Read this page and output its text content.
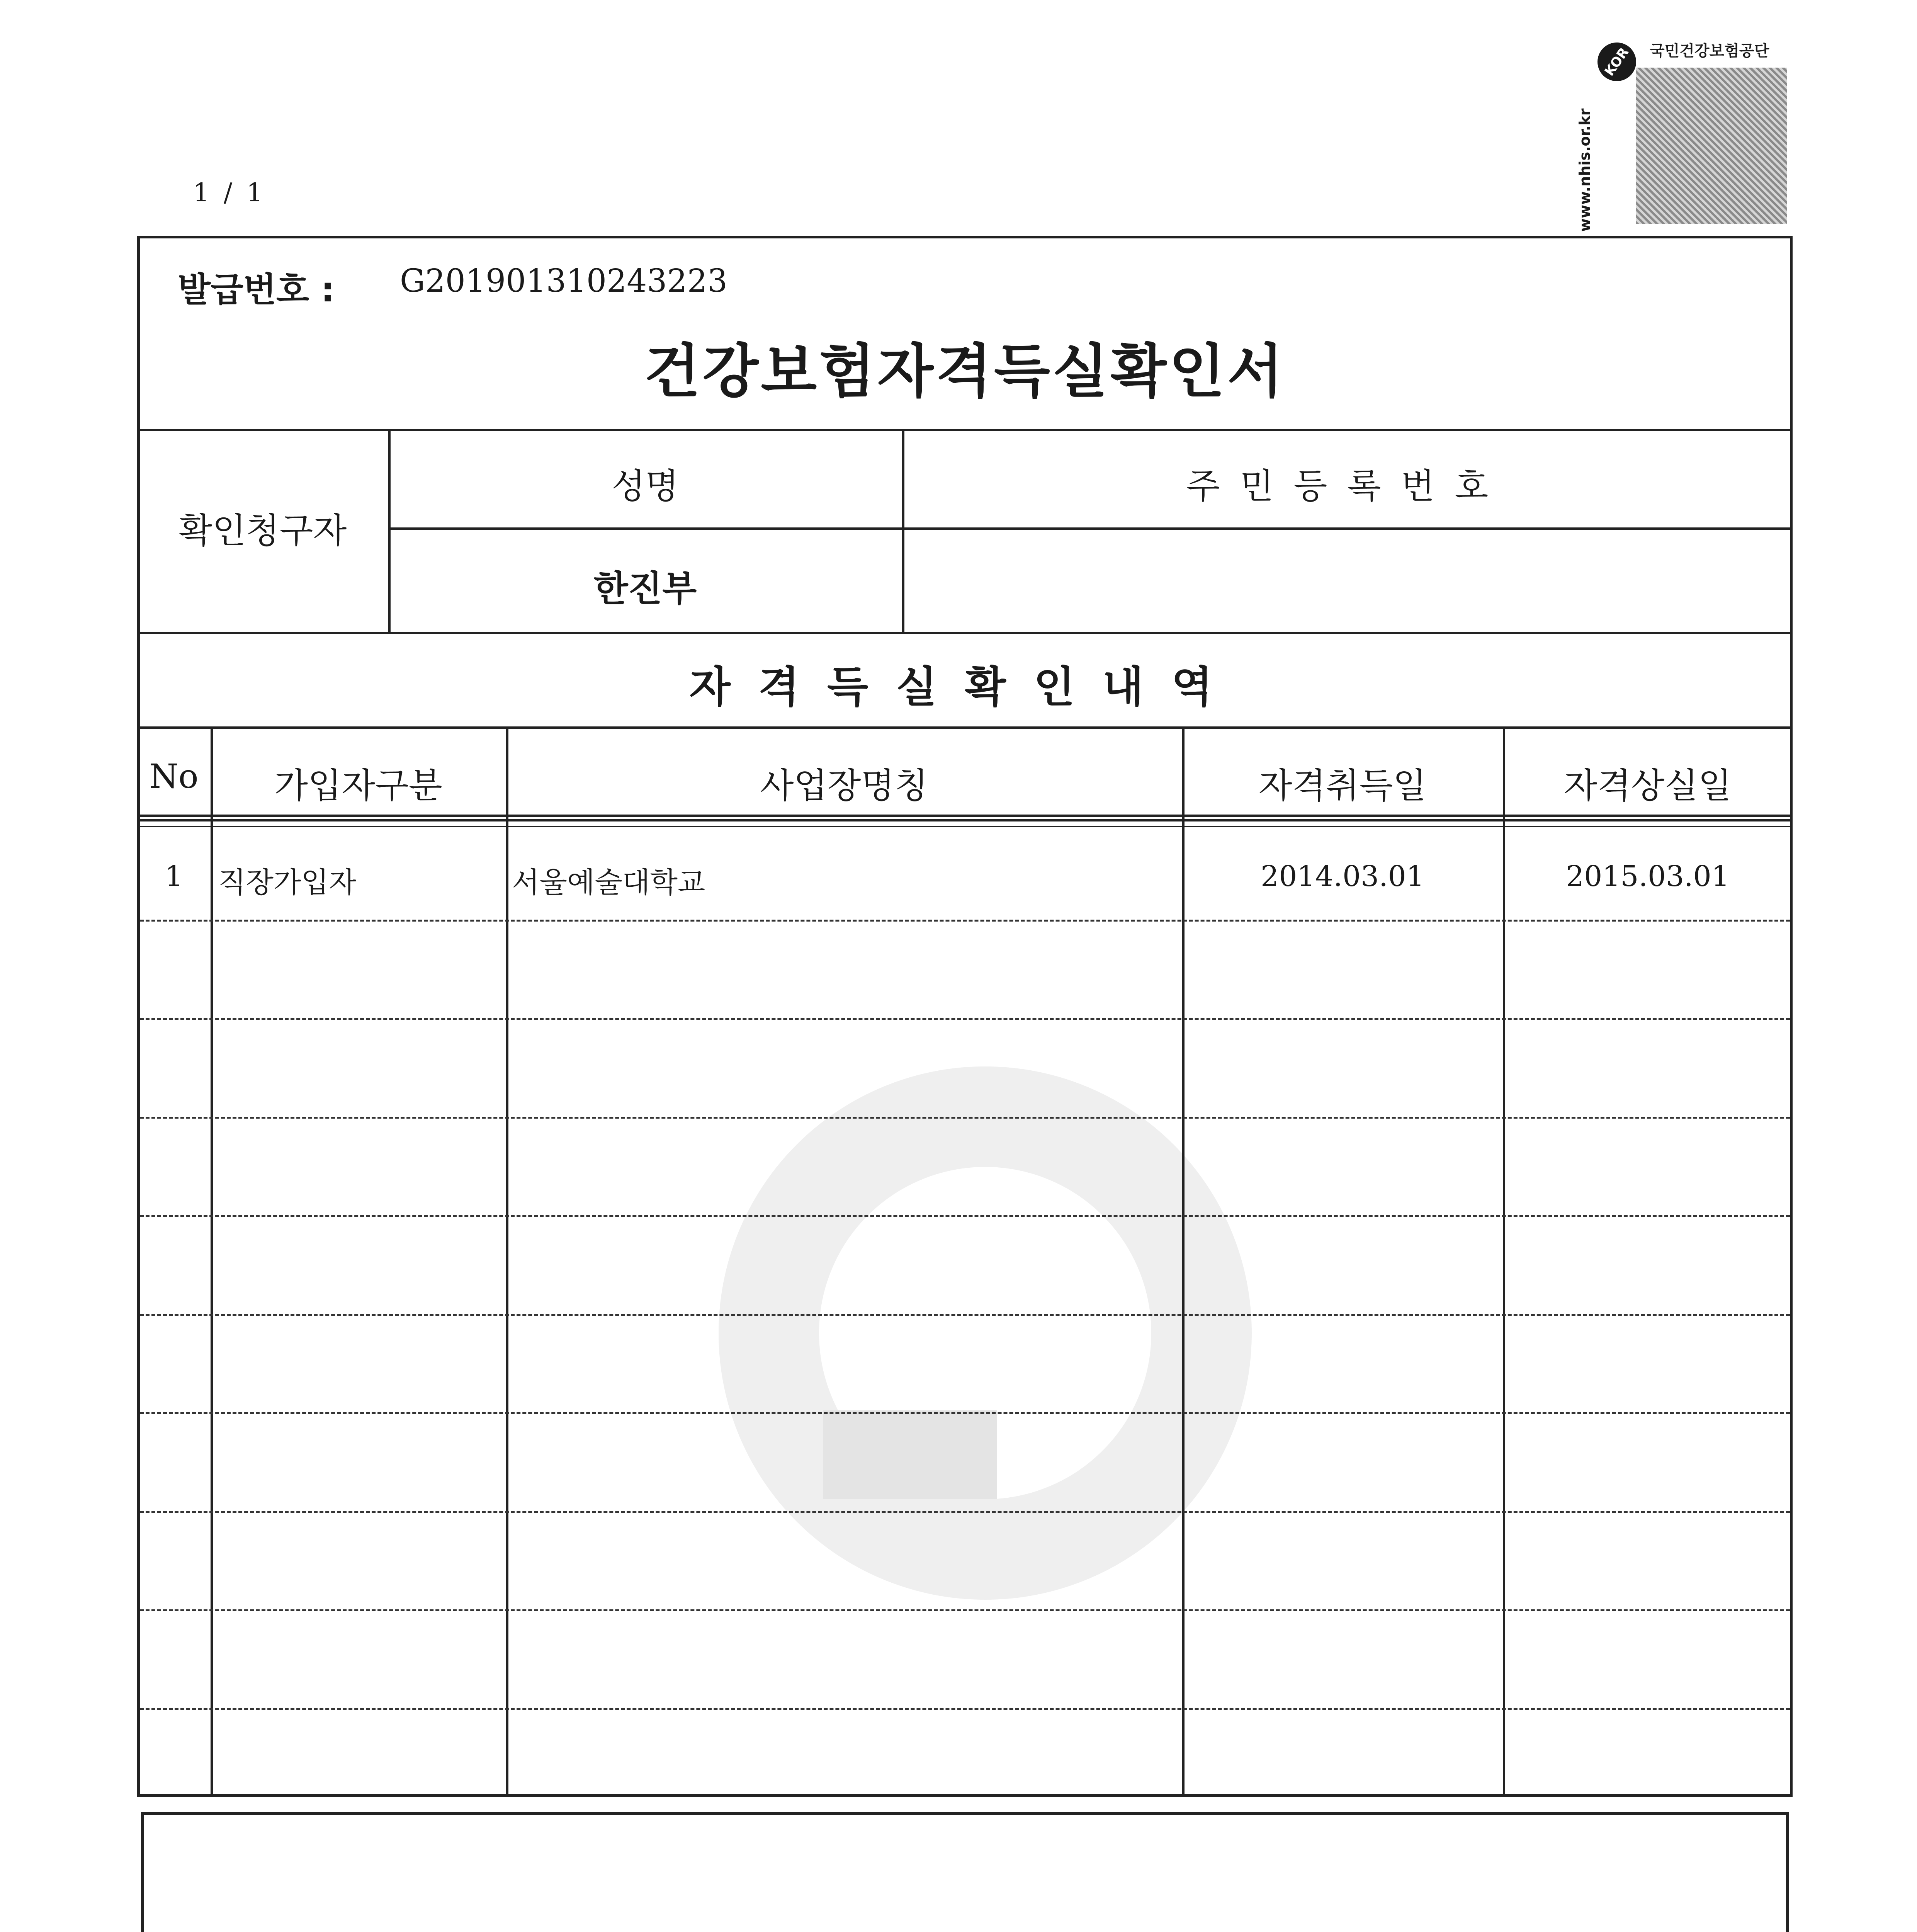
1 / 1
KOR	국민건강보험공단
www.nhis.or.kr
발급번호 : G201901310243223
건강보험자격득실확인서
확인청구자
성명	주민등록번호
한진부
자격득실확인내역
No	가입자구분	사업장명칭	자격취득일	자격상실일
1	직장가입자	서울예술대학교	2014.03.01	2015.03.01
